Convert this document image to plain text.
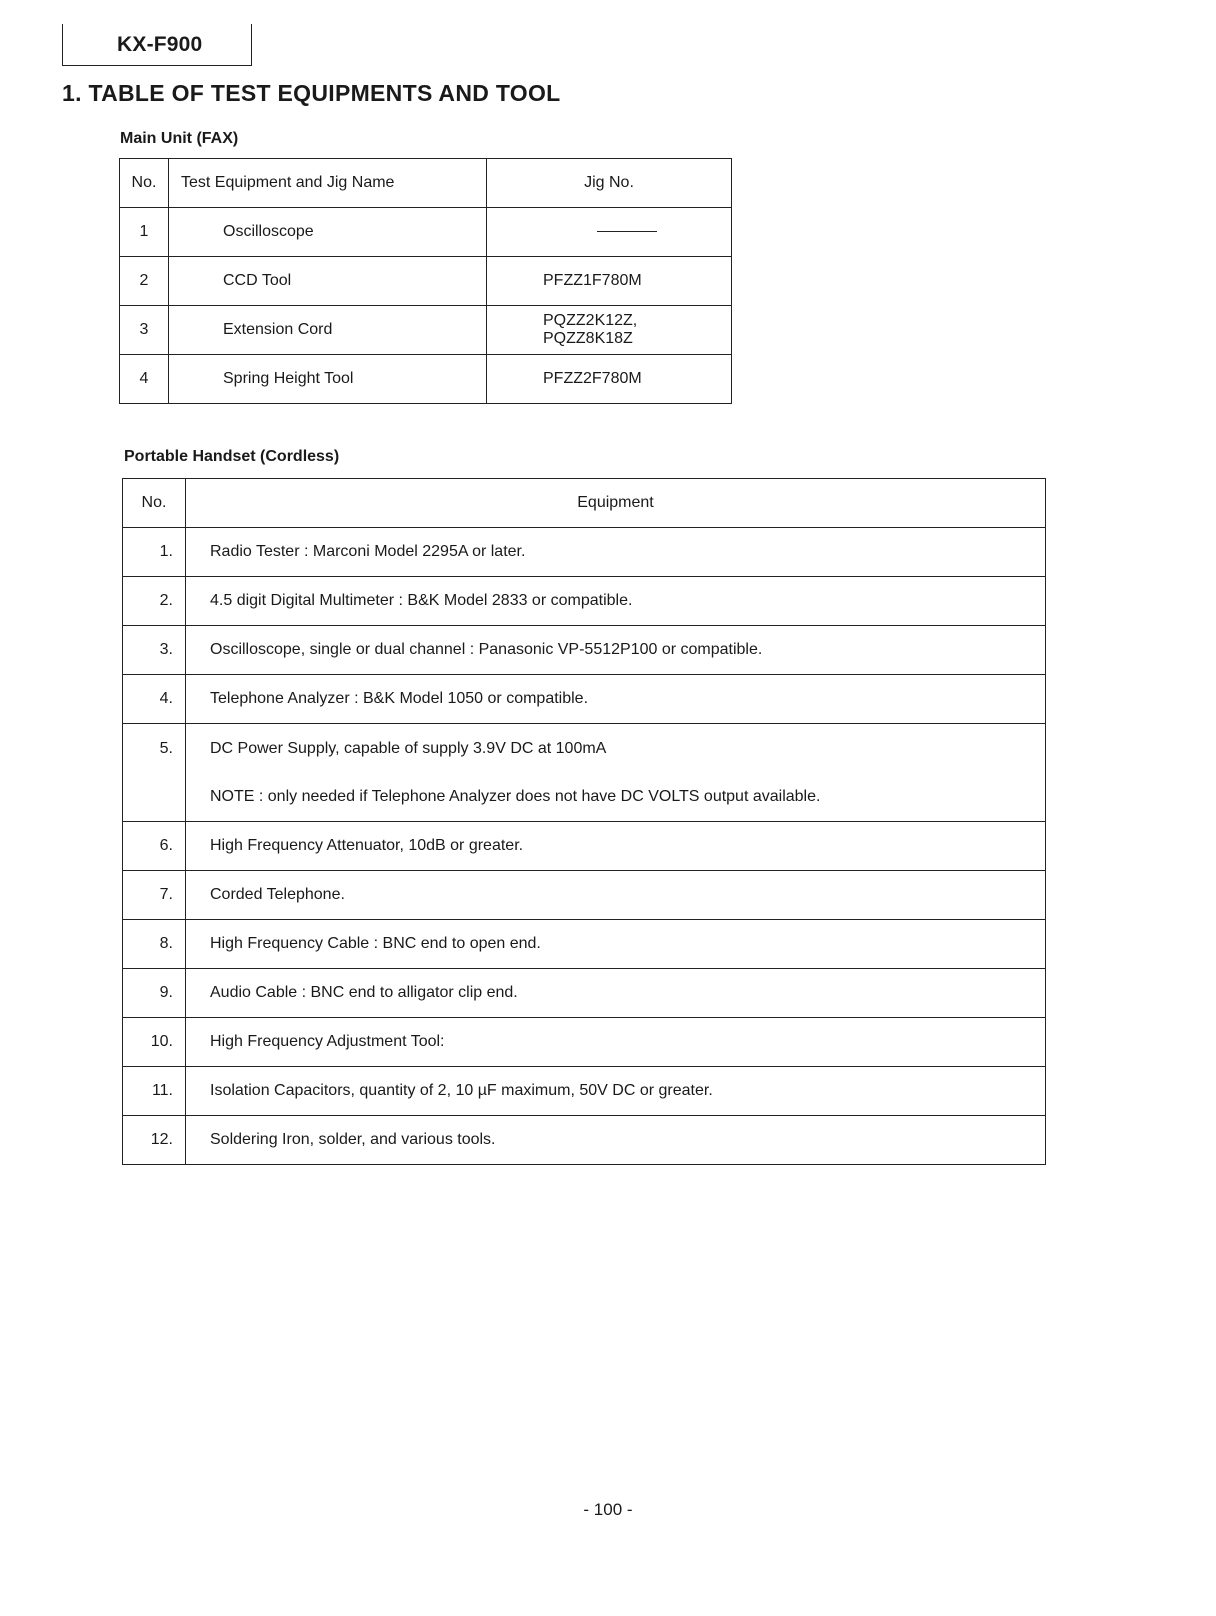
KX-F900
1. TABLE OF TEST EQUIPMENTS AND TOOL
Main Unit (FAX)
No.	Test Equipment and Jig Name	Jig No.
1	Oscilloscope	
2	CCD Tool	PFZZ1F780M
3	Extension Cord	PQZZ2K12Z, PQZZ8K18Z
4	Spring Height Tool	PFZZ2F780M
Portable Handset (Cordless)
No.	Equipment
1.	Radio Tester : Marconi Model 2295A or later.
2.	4.5 digit Digital Multimeter : B&K Model 2833 or compatible.
3.	Oscilloscope, single or dual channel : Panasonic VP-5512P100 or compatible.
4.	Telephone Analyzer : B&K Model 1050 or compatible.
5.	DC Power Supply, capable of supply 3.9V DC at 100mA
NOTE : only needed if Telephone Analyzer does not have DC VOLTS output available.

6.	High Frequency Attenuator, 10dB or greater.
7.	Corded Telephone.
8.	High Frequency Cable : BNC end to open end.
9.	Audio Cable : BNC end to alligator clip end.
10.	High Frequency Adjustment Tool:
11.	Isolation Capacitors, quantity of 2, 10 µF maximum, 50V DC or greater.
12.	Soldering Iron, solder, and various tools.
- 100 -
